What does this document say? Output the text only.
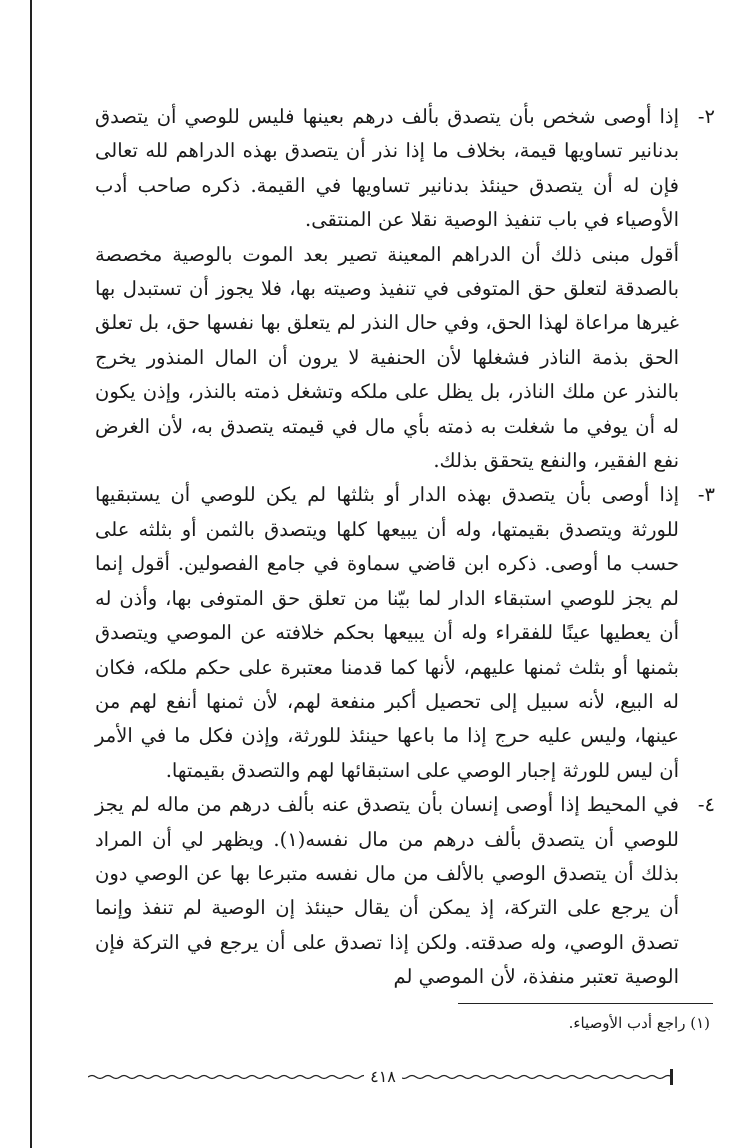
٢-

إذا أوصى شخص بأن يتصدق بألف درهم بعينها فليس للوصي أن يتصدق بدنانير تساويها قيمة، بخلاف ما إذا نذر أن يتصدق بهذه الدراهم لله تعالى فإن له أن يتصدق حينئذ بدنانير تساويها في القيمة. ذكره صاحب أدب الأوصياء في باب تنفيذ الوصية نقلا عن المنتقى.

أقول مبنى ذلك أن الدراهم المعينة تصير بعد الموت بالوصية مخصصة بالصدقة لتعلق حق المتوفى في تنفيذ وصيته بها، فلا يجوز أن تستبدل بها غيرها مراعاة لهذا الحق، وفي حال النذر لم يتعلق بها نفسها حق، بل تعلق الحق بذمة الناذر فشغلها لأن الحنفية لا يرون أن المال المنذور يخرج بالنذر عن ملك الناذر، بل يظل على ملكه وتشغل ذمته بالنذر، وإذن يكون له أن يوفي ما شغلت به ذمته بأي مال في قيمته يتصدق به، لأن الغرض نفع الفقير، والنفع يتحقق بذلك.

٣-

إذا أوصى بأن يتصدق بهذه الدار أو بثلثها لم يكن للوصي أن يستبقيها للورثة ويتصدق بقيمتها، وله أن يبيعها كلها ويتصدق بالثمن أو بثلثه على حسب ما أوصى. ذكره ابن قاضي سماوة في جامع الفصولين. أقول إنما لم يجز للوصي استبقاء الدار لما بيّنا من تعلق حق المتوفى بها، وأذن له أن يعطيها عينًا للفقراء وله أن يبيعها بحكم خلافته عن الموصي ويتصدق بثمنها أو بثلث ثمنها عليهم، لأنها كما قدمنا معتبرة على حكم ملكه، فكان له البيع، لأنه سبيل إلى تحصيل أكبر منفعة لهم، لأن ثمنها أنفع لهم من عينها، وليس عليه حرج إذا ما باعها حينئذ للورثة، وإذن فكل ما في الأمر أن ليس للورثة إجبار الوصي على استبقائها لهم والتصدق بقيمتها.

٤-

في المحيط إذا أوصى إنسان بأن يتصدق عنه بألف درهم من ماله لم يجز للوصي أن يتصدق بألف درهم من مال نفسه(١). ويظهر لي أن المراد بذلك أن يتصدق الوصي بالألف من مال نفسه متبرعا بها عن الوصي دون أن يرجع على التركة، إذ يمكن أن يقال حينئذ إن الوصية لم تنفذ وإنما تصدق الوصي، وله صدقته. ولكن إذا تصدق على أن يرجع في التركة فإن الوصية تعتبر منفذة، لأن الموصي لم

(١) راجع أدب الأوصياء.
٤١٨
